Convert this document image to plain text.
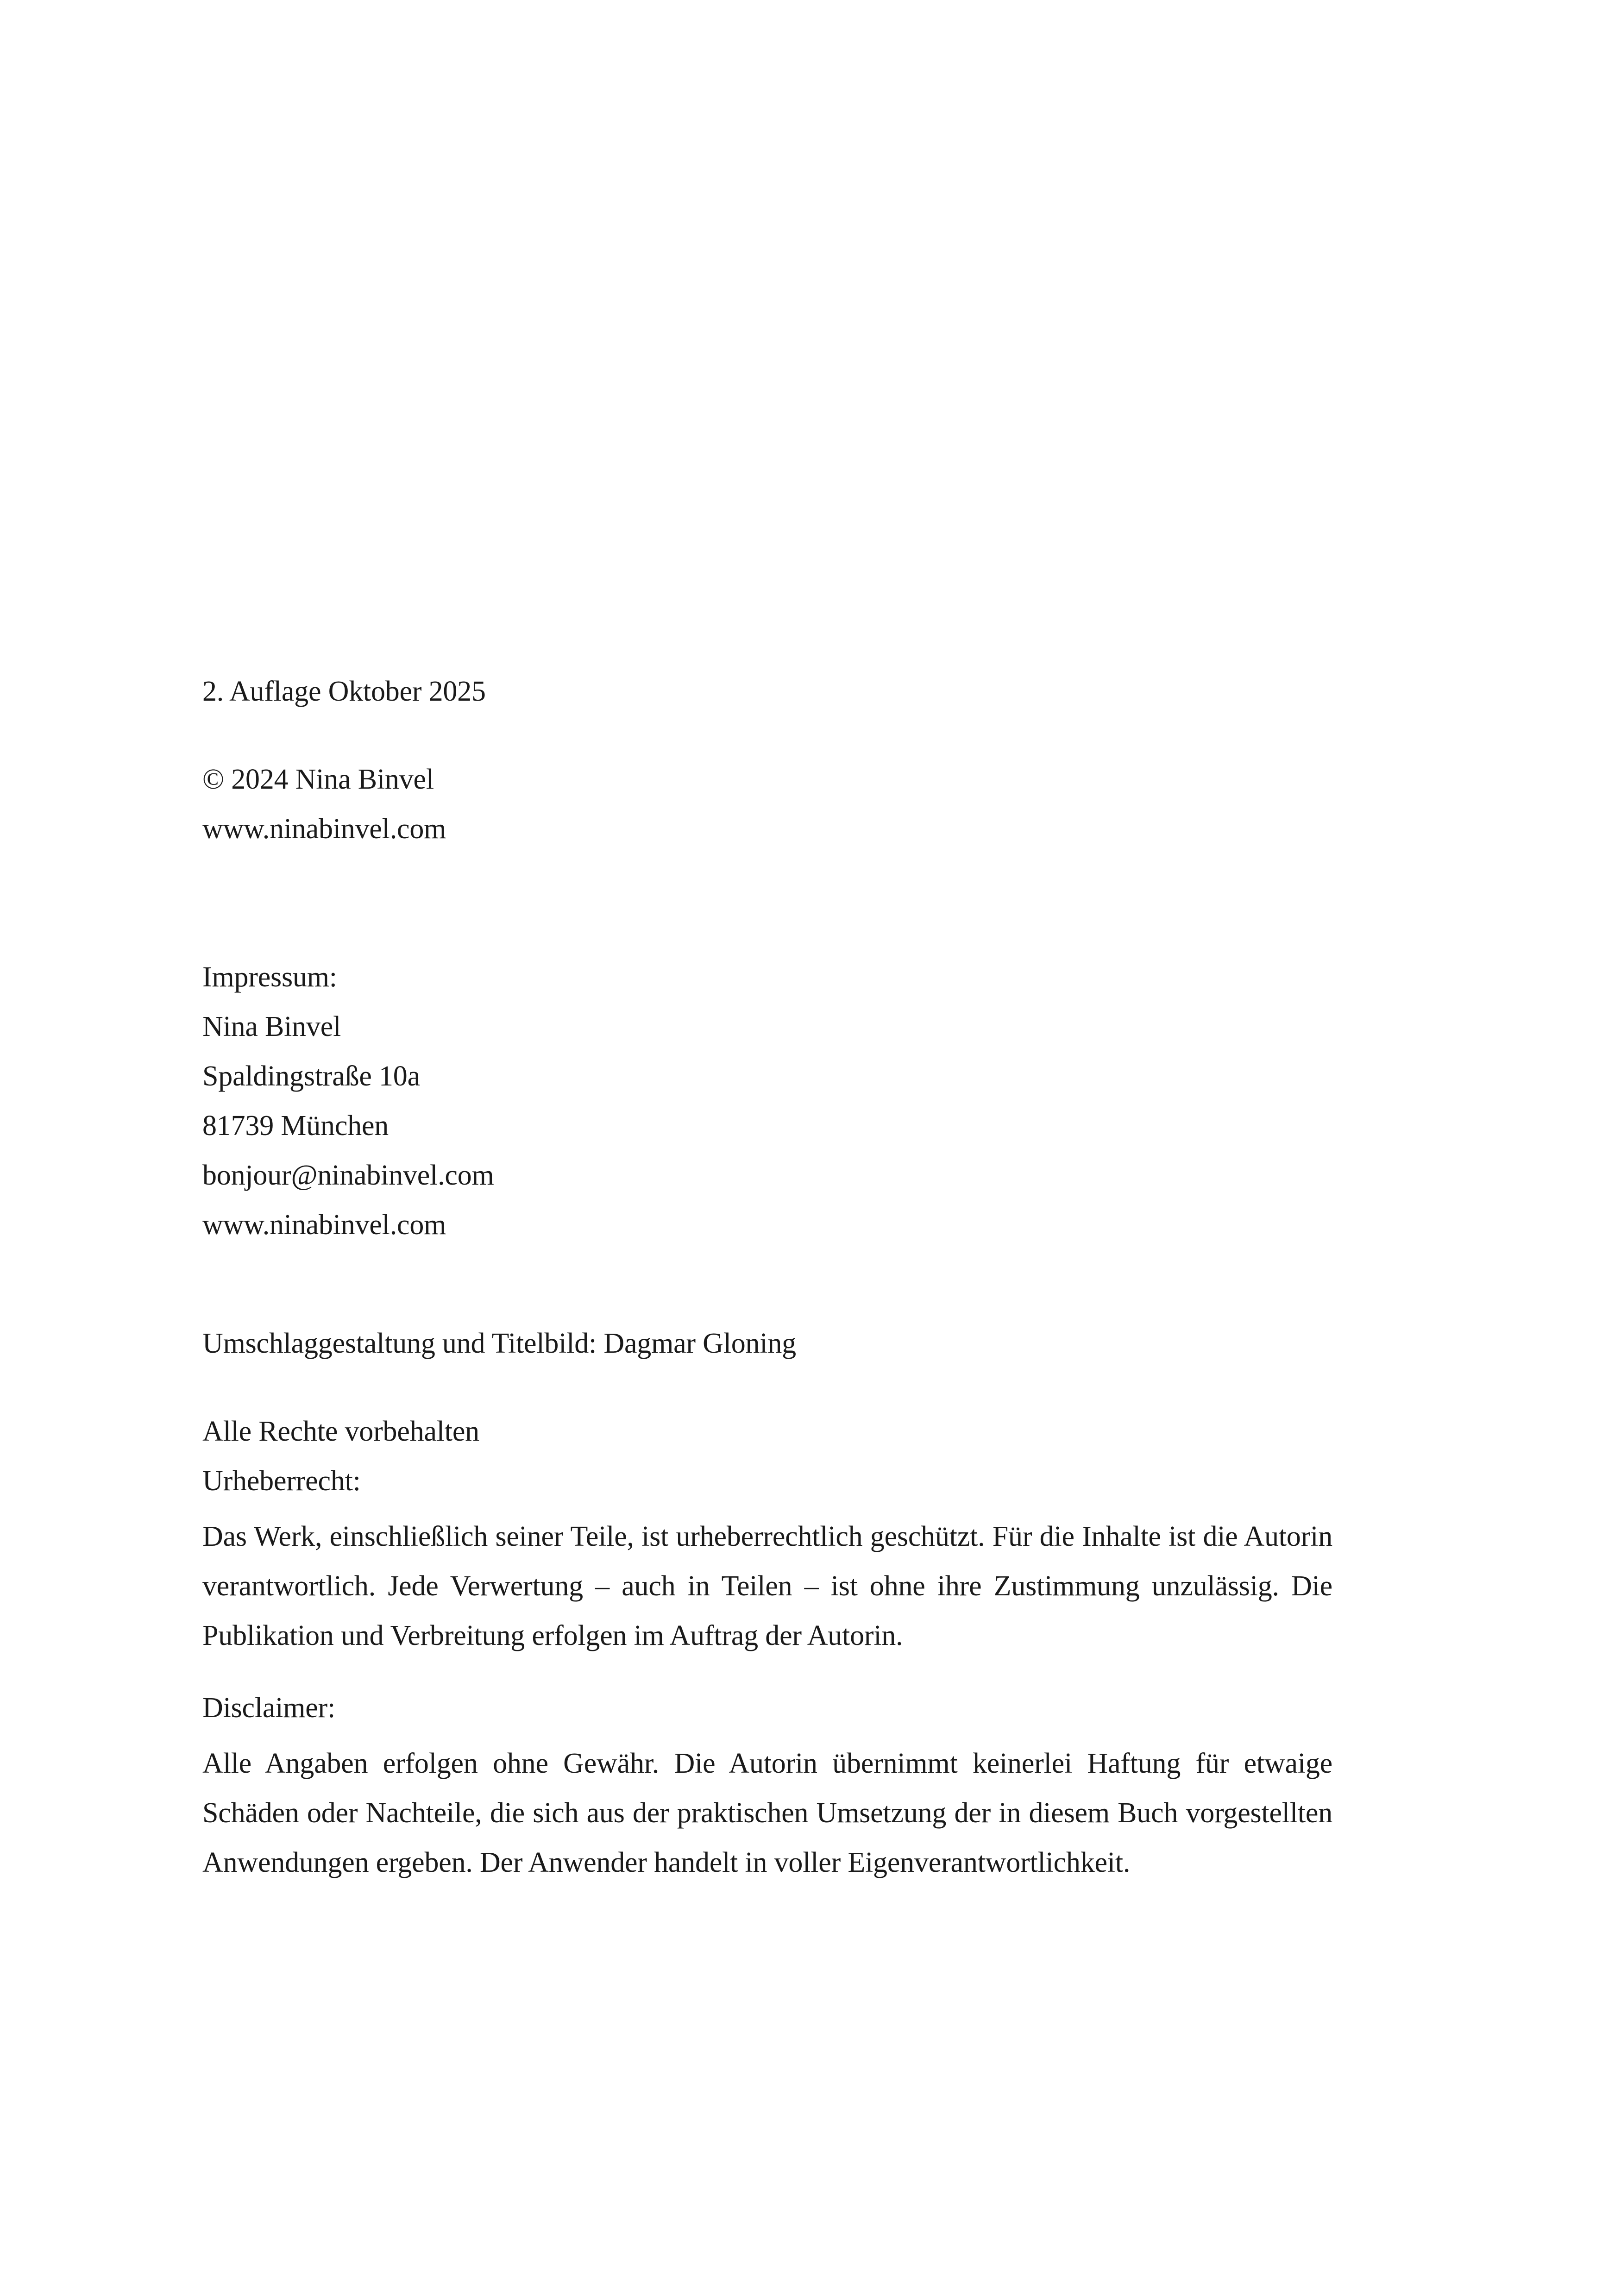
2. Auflage Oktober 2025

© 2024 Nina Binvel

www.ninabinvel.com

Impressum:

Nina Binvel

Spaldingstraße 10a

81739 München

bonjour@ninabinvel.com

www.ninabinvel.com

Umschlaggestaltung und Titelbild: Dagmar Gloning

Alle Rechte vorbehalten

Urheberrecht:

Das Werk, einschließlich seiner Teile, ist urheberrechtlich geschützt. Für die Inhalte ist die Autorin verantwortlich. Jede Verwertung – auch in Teilen – ist ohne ihre Zustimmung unzulässig. Die Publikation und Verbreitung erfolgen im Auftrag der Autorin.

Disclaimer:

Alle Angaben erfolgen ohne Gewähr. Die Autorin übernimmt keinerlei Haftung für etwaige Schäden oder Nachteile, die sich aus der praktischen Umsetzung der in diesem Buch vorgestellten Anwendungen ergeben. Der Anwender handelt in voller Eigenverantwortlichkeit.
